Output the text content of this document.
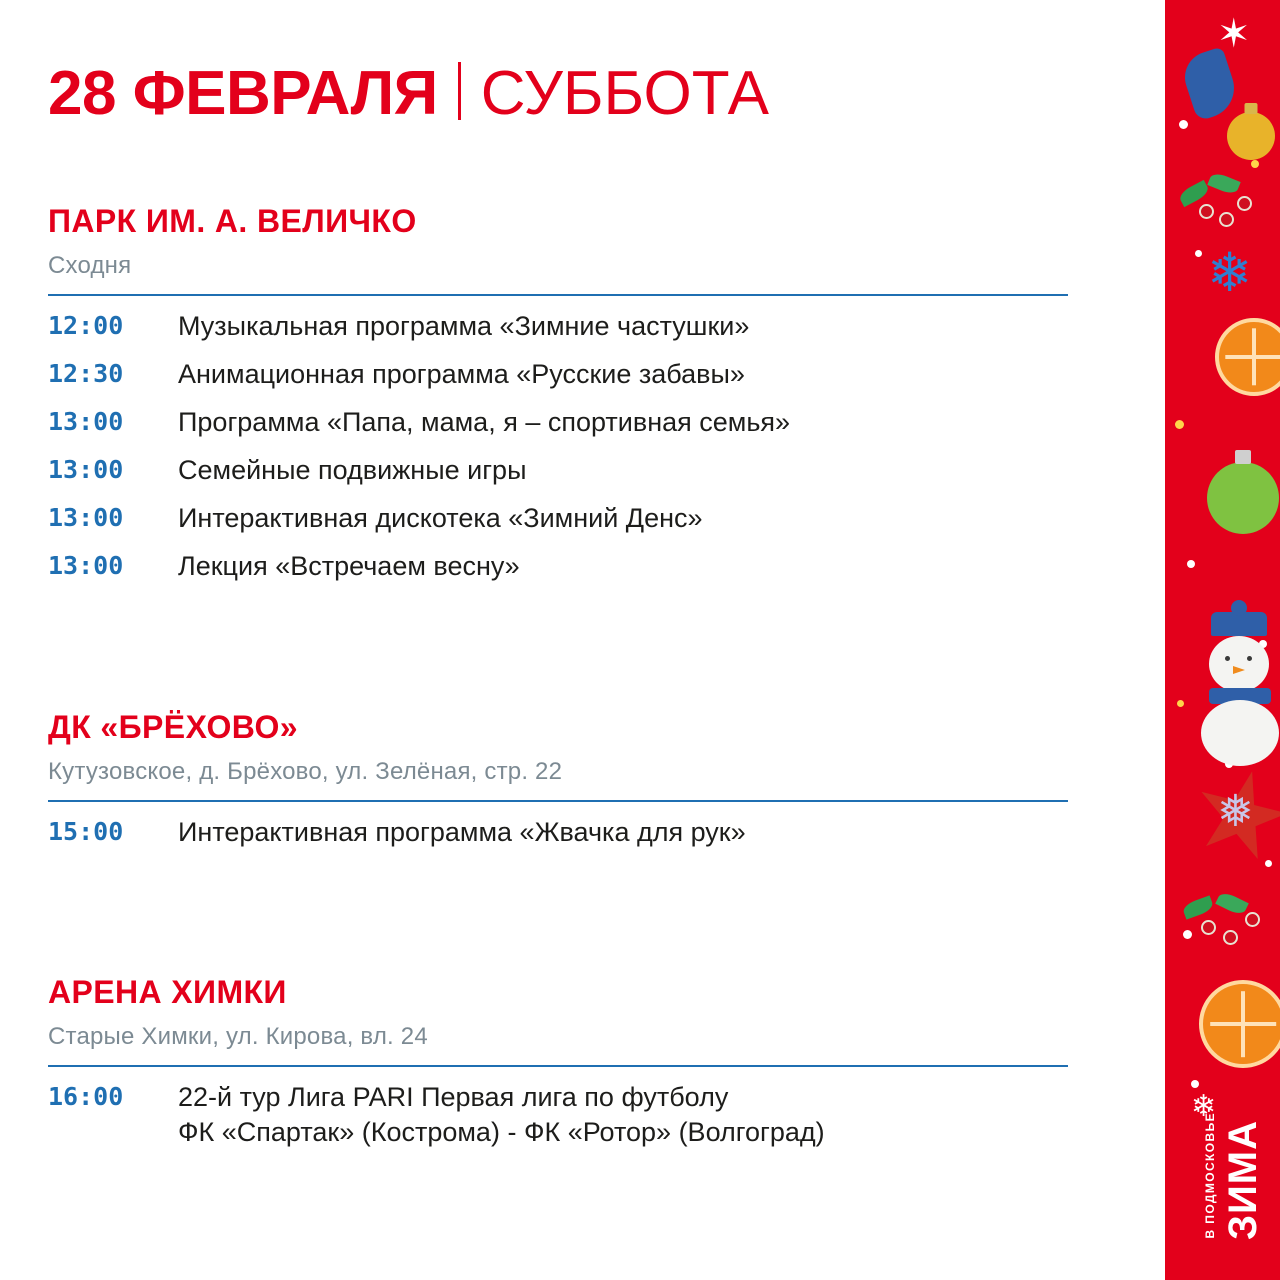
28 ФЕВРАЛЯ СУББОТА
ПАРК ИМ. А. ВЕЛИЧКО

Сходня

12:00	Музыкальная программа «Зимние частушки»
12:30	Анимационная программа «Русские забавы»
13:00	Программа «Папа, мама, я – спортивная семья»
13:00	Семейные подвижные игры
13:00	Интерактивная дискотека «Зимний Денс»
13:00	Лекция «Встречаем весну»
ДК «БРЁХОВО»

Кутузовское, д. Брёхово, ул. Зелёная, стр. 22

15:00	Интерактивная программа «Жвачка для рук»
АРЕНА ХИМКИ

Старые Химки, ул. Кирова, вл. 24

16:00	22-й тур Лига PARI Первая лига по футболу
ФК «Спартак» (Кострома) - ФК «Ротор» (Волгоград)
✶
❄
❅
❄
В ПОДМОСКОВЬЕ ЗИМА
